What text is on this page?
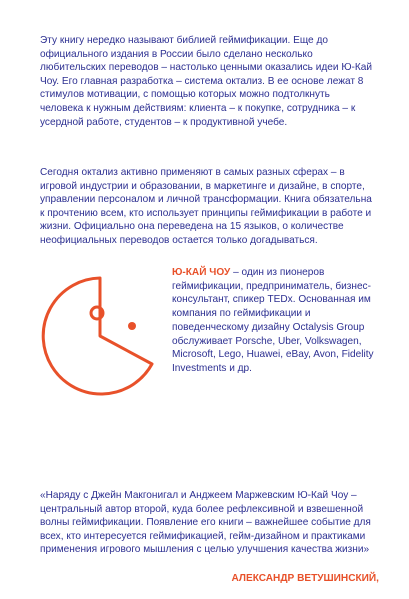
Эту книгу нередко называют библией геймификации. Еще до официального издания в России было сделано несколько любительских переводов – настолько ценными оказались идеи Ю-Кай Чоу. Его главная разработка – система октализ. В ее основе лежат 8 стимулов мотивации, с помощью которых можно подтолкнуть человека к нужным действиям: клиента – к покупке, сотрудника – к усердной работе, студентов – к продуктивной учебе.
Сегодня октализ активно применяют в самых разных сферах – в игровой индустрии и образовании, в маркетинге и дизайне, в спорте, управлении персоналом и личной трансформации. Книга обязательна к прочтению всем, кто использует принципы геймификации в работе и жизни. Официально она переведена на 15 языков, о количестве неофициальных переводов остается только догадываться.
Ю-КАЙ ЧОУ – один из пионеров геймификации, предприниматель, бизнес-консультант, спикер TEDx. Основанная им компания по геймификации и поведенческому дизайну Octalysis Group обслуживает Porsche, Uber, Volkswagen, Microsoft, Lego, Huawei, eBay, Avon, Fidelity Investments и др.
«Наряду с Джейн Макгонигал и Анджеем Маржевским Ю-Кай Чоу – центральный автор второй, куда более рефлексивной и взвешенной волны геймификации. Появление его книги – важнейшее событие для всех, кто интересуется геймификацией, гейм-дизайном и практиками применения игрового мышления с целью улучшения качества жизни»
АЛЕКСАНДР ВЕТУШИНСКИЙ,
